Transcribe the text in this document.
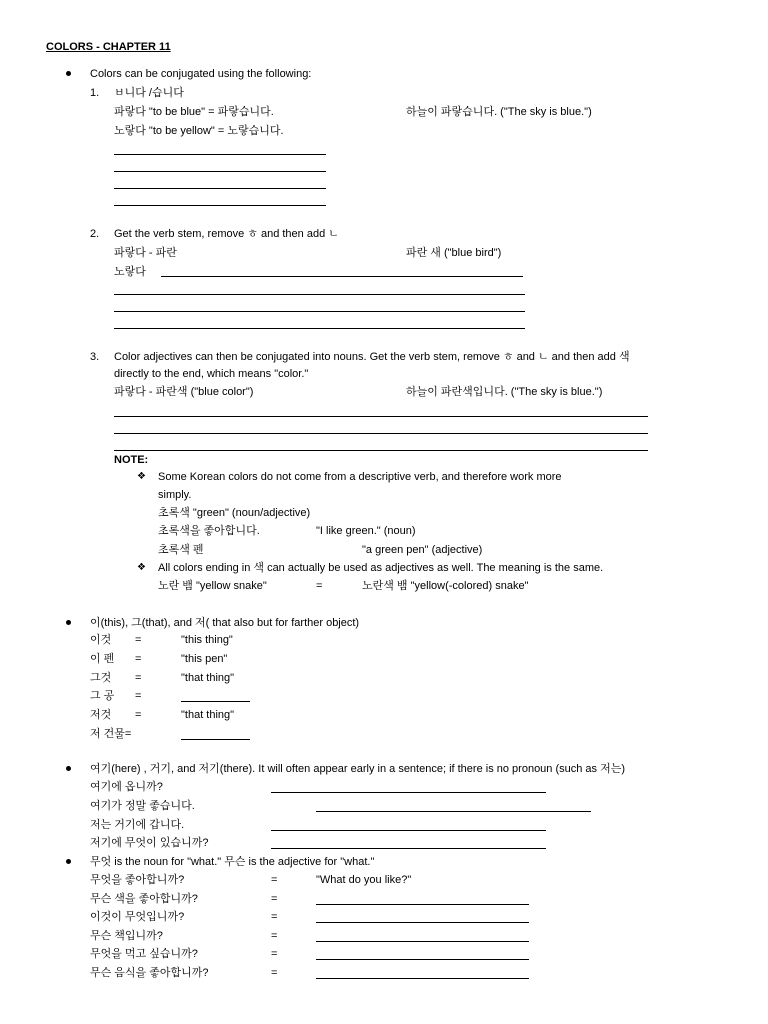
COLORS - CHAPTER 11
Colors can be conjugated using the following:
1. ㅂ니다 /습니다
파랗다 "to be blue" = 파랗습니다.	하늘이 파랗습니다. ("The sky is blue.")
노랗다 "to be yellow" = 노랗습니다.
2. Get the verb stem, remove ㅎ and then add ㄴ
파랗다 - 파란	파란 새 ("blue bird")
노랗다
3. Color adjectives can then be conjugated into nouns. Get the verb stem, remove ㅎ and ㄴ and then add 색
directly to the end, which means "color."
파랗다 - 파란색 ("blue color")	하늘이 파란색입니다. ("The sky is blue.")
NOTE:
❖ Some Korean colors do not come from a descriptive verb, and therefore work more
simply.
초록색 "green" (noun/adjective)
초록색을 좋아합니다.	"I like green." (noun)
초록색 펜	"a green pen" (adjective)
❖ All colors ending in 색 can actually be used as adjectives as well. The meaning is the same.
노란 뱀 "yellow snake"	=	노란색 뱀 "yellow(-colored) snake"
이(this), 그(that), and 저( that also but for farther object)
이것 =	"this thing"
이 펜 =	"this pen"
그것 =	"that thing"
그 공 =
저것 =	"that thing"
저 건물=
여기(here) , 거기, and 저기(there). It will often appear early in a sentence; if there is no pronoun (such as 저는)
여기에 옵니까?
여기가 정말 좋습니다.
저는 거기에 갑니다.
저기에 무엇이 있습니까?
무엇 is the noun for "what." 무슨 is the adjective for "what."
무엇을 좋아합니까?	=	"What do you like?"
무슨 색을 좋아합니까?	=
이것이 무엇입니까?	=
무슨 책입니까?	=
무엇을 먹고 싶습니까?	=
무슨 음식을 좋아합니까?	=
